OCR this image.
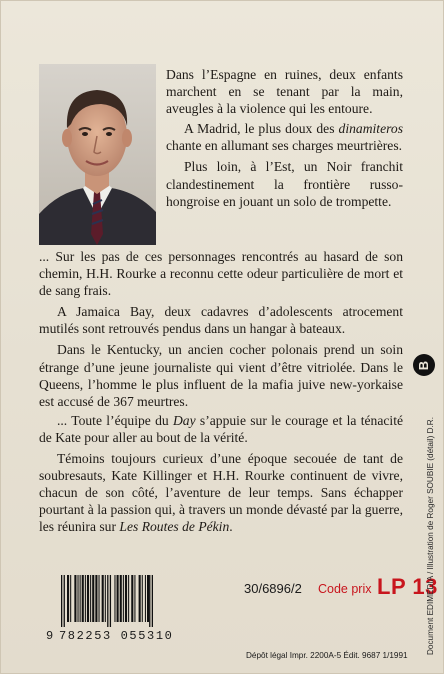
Dans l’Espagne en ruines, deux enfants marchent en se tenant par la main, aveugles à la violence qui les entoure.

A Madrid, le plus doux des dinamiteros chante en allumant ses charges meurtrières.

Plus loin, à l’Est, un Noir franchit clandestinement la frontière russo-hongroise en jouant un solo de trompette.

... Sur les pas de ces personnages rencontrés au hasard de son chemin, H.H. Rourke a reconnu cette odeur particulière de mort et de sang frais.

A Jamaica Bay, deux cadavres d’adolescents atrocement mutilés sont retrouvés pendus dans un hangar à bateaux.

Dans le Kentucky, un ancien cocher polonais prend un soin étrange d’une jeune journaliste qui vient d’être vitriolée. Dans le Queens, l’homme le plus influent de la mafia juive new-yorkaise est accusé de 367 meurtres.

... Toute l’équipe du Day s’appuie sur le courage et la ténacité de Kate pour aller au bout de la vérité.

Témoins toujours curieux d’une époque secouée de tant de soubresauts, Kate Killinger et H.H. Rourke continuent de vivre, chacun de son côté, l’aventure de leur temps. Sans échapper pourtant à la passion qui, à travers un monde dévasté par la guerre, les réunira sur Les Routes de Pékin.

9 782253 055310
30/6896/2 Code prix LP 13
Dépôt légal Impr. 2200A-5 Édit. 9687 1/1991
B
Document EDIMEDIA / Illustration de Roger SOUBIE (détail) D.R.
